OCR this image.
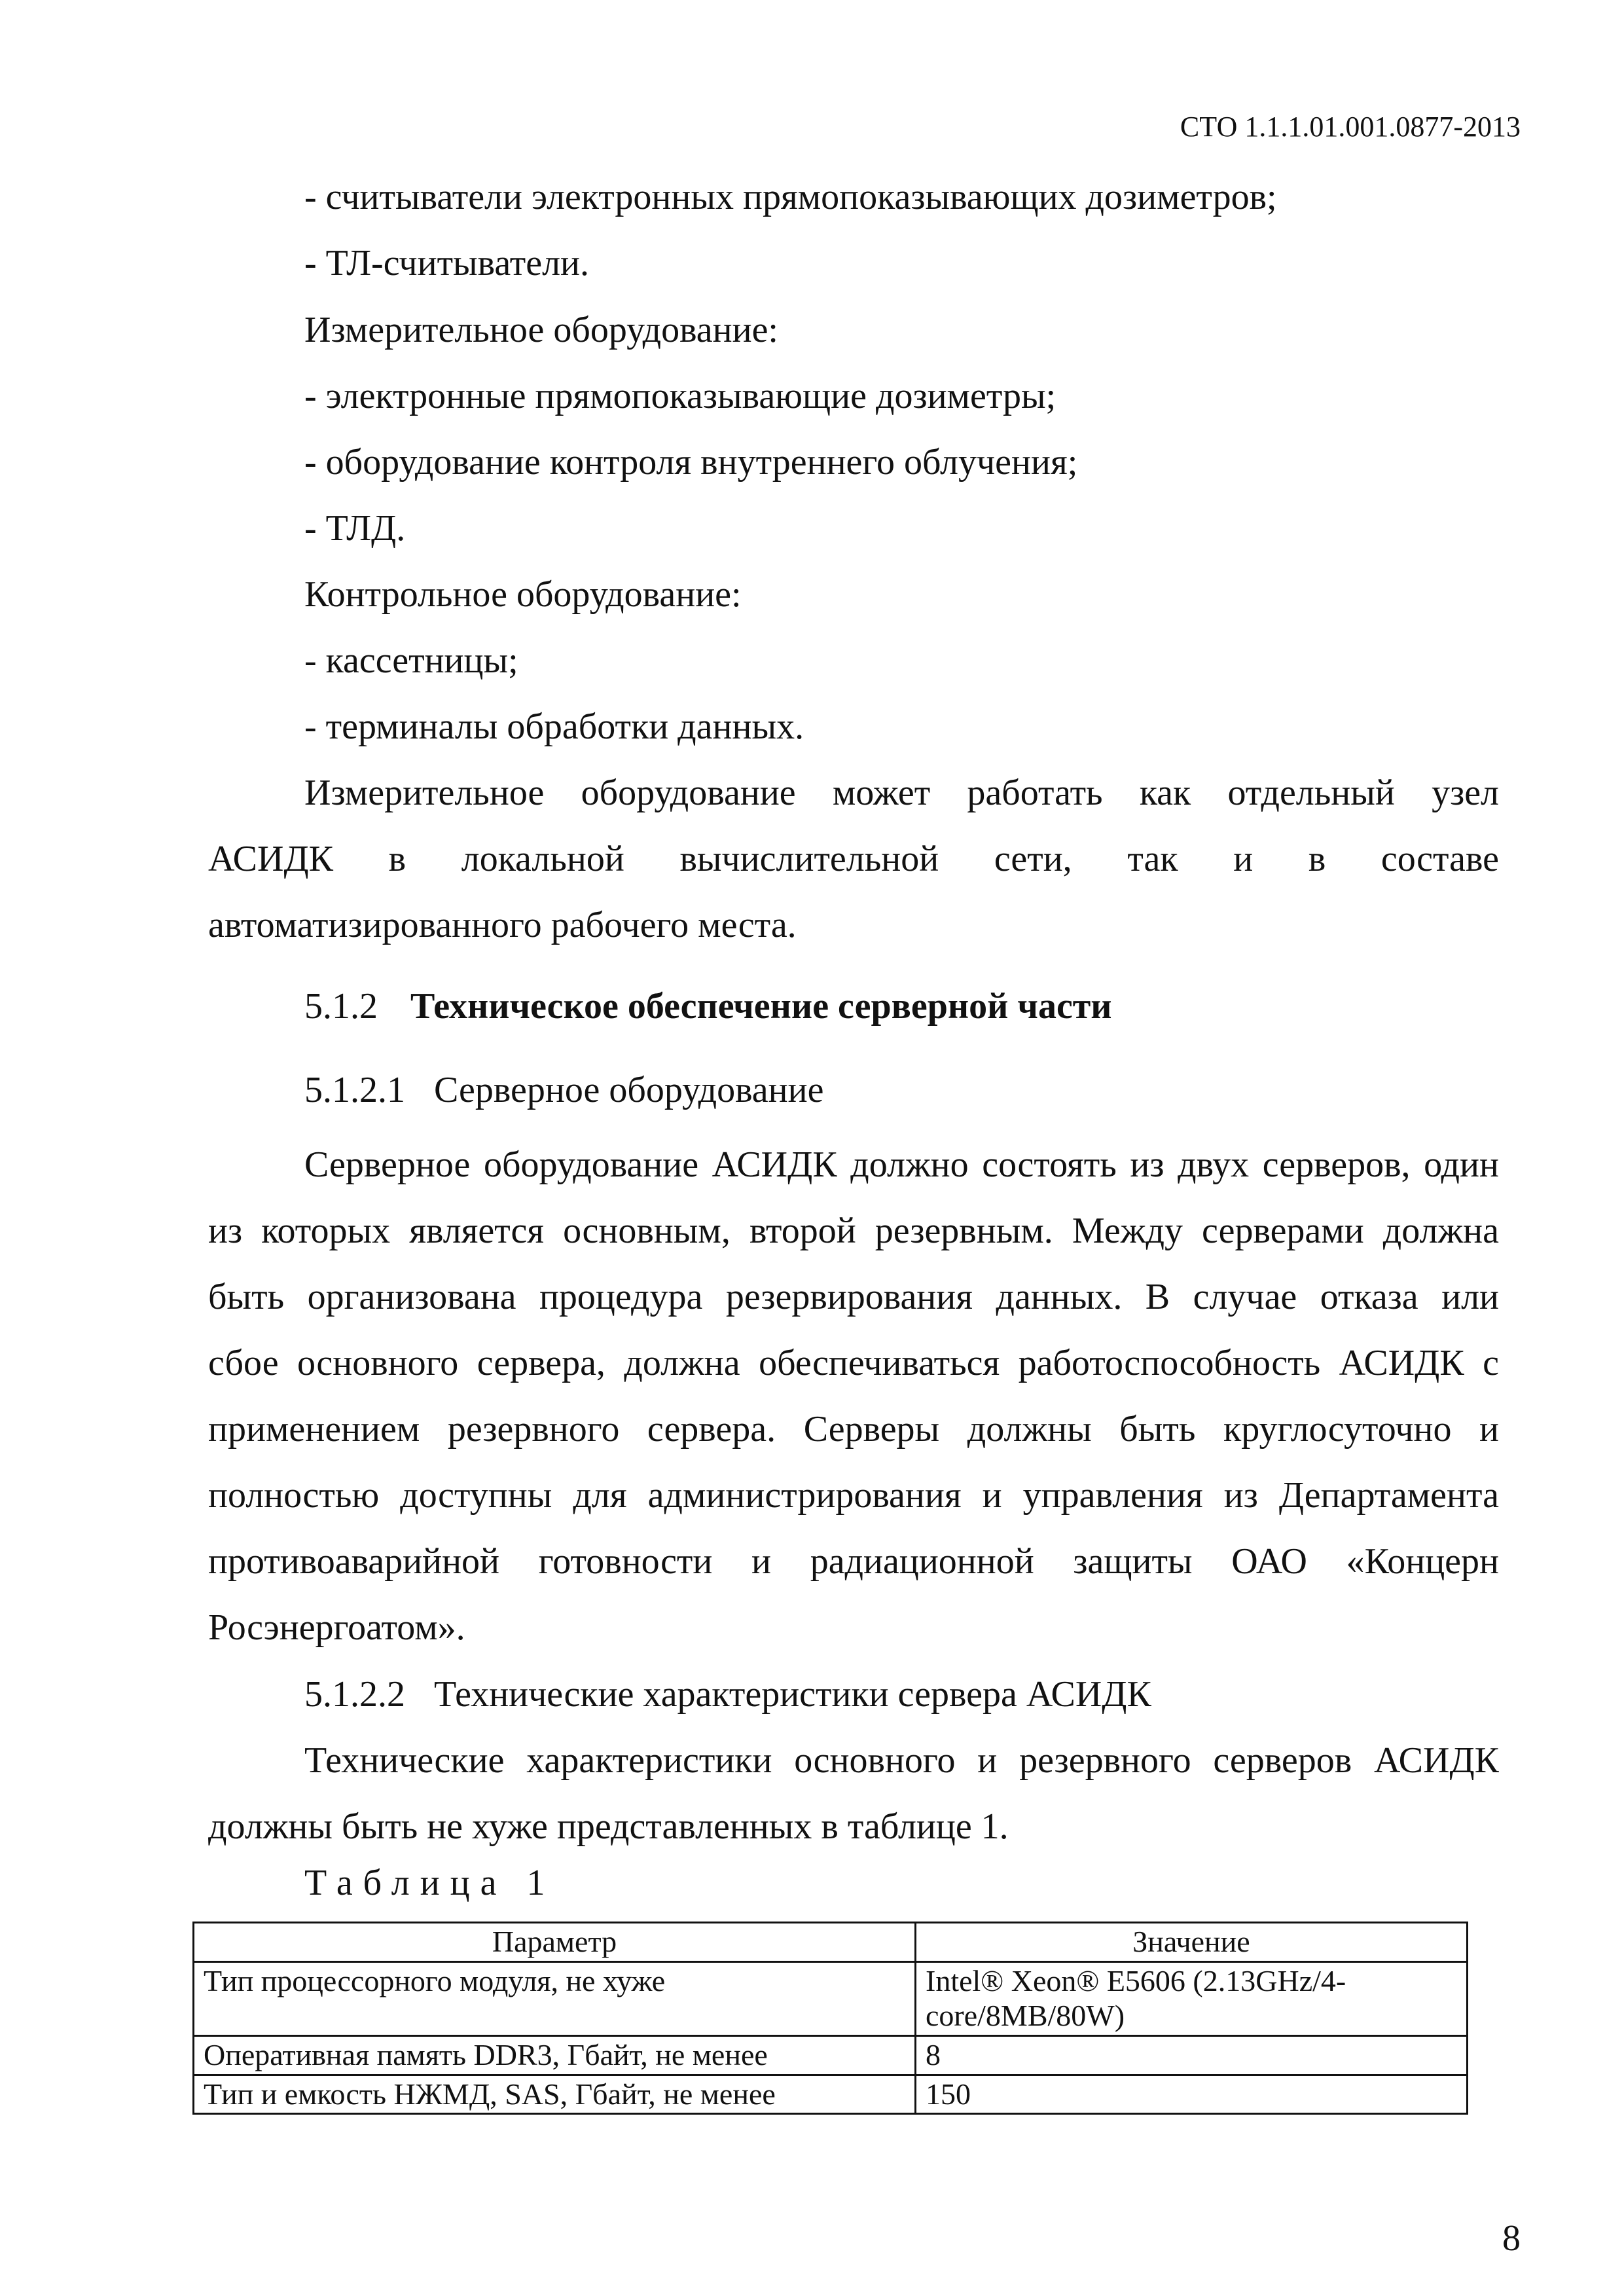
СТО 1.1.1.01.001.0877-2013
- считыватели электронных прямопоказывающих дозиметров;
- ТЛ-считыватели.
Измерительное оборудование:
- электронные прямопоказывающие дозиметры;
- оборудование контроля внутреннего облучения;
- ТЛД.
Контрольное оборудование:
- кассетницы;
- терминалы обработки данных.
Измерительное оборудование может работать как отдельный узел
АСИДК в локальной вычислительной сети, так и в составе
автоматизированного рабочего места.
5.1.2 Техническое обеспечение серверной части
5.1.2.1 Серверное оборудование
Серверное оборудование АСИДК должно состоять из двух серверов, один
из которых является основным, второй резервным. Между серверами должна
быть организована процедура резервирования данных. В случае отказа или
сбое основного сервера, должна обеспечиваться работоспособность АСИДК с
применением резервного сервера. Серверы должны быть круглосуточно и
полностью доступны для администрирования и управления из Департамента
противоаварийной готовности и радиационной защиты ОАО «Концерн
Росэнергоатом».
5.1.2.2 Технические характеристики сервера АСИДК
Технические характеристики основного и резервного серверов АСИДК
должны быть не хуже представленных в таблице 1.
Таблица 1
Параметр	Значение
Тип процессорного модуля, не хуже	Intel® Xeon® E5606 (2.13GHz/4-core/8MB/80W)
Оперативная память DDR3, Гбайт, не менее	8
Тип и емкость НЖМД, SAS, Гбайт, не менее	150
8
